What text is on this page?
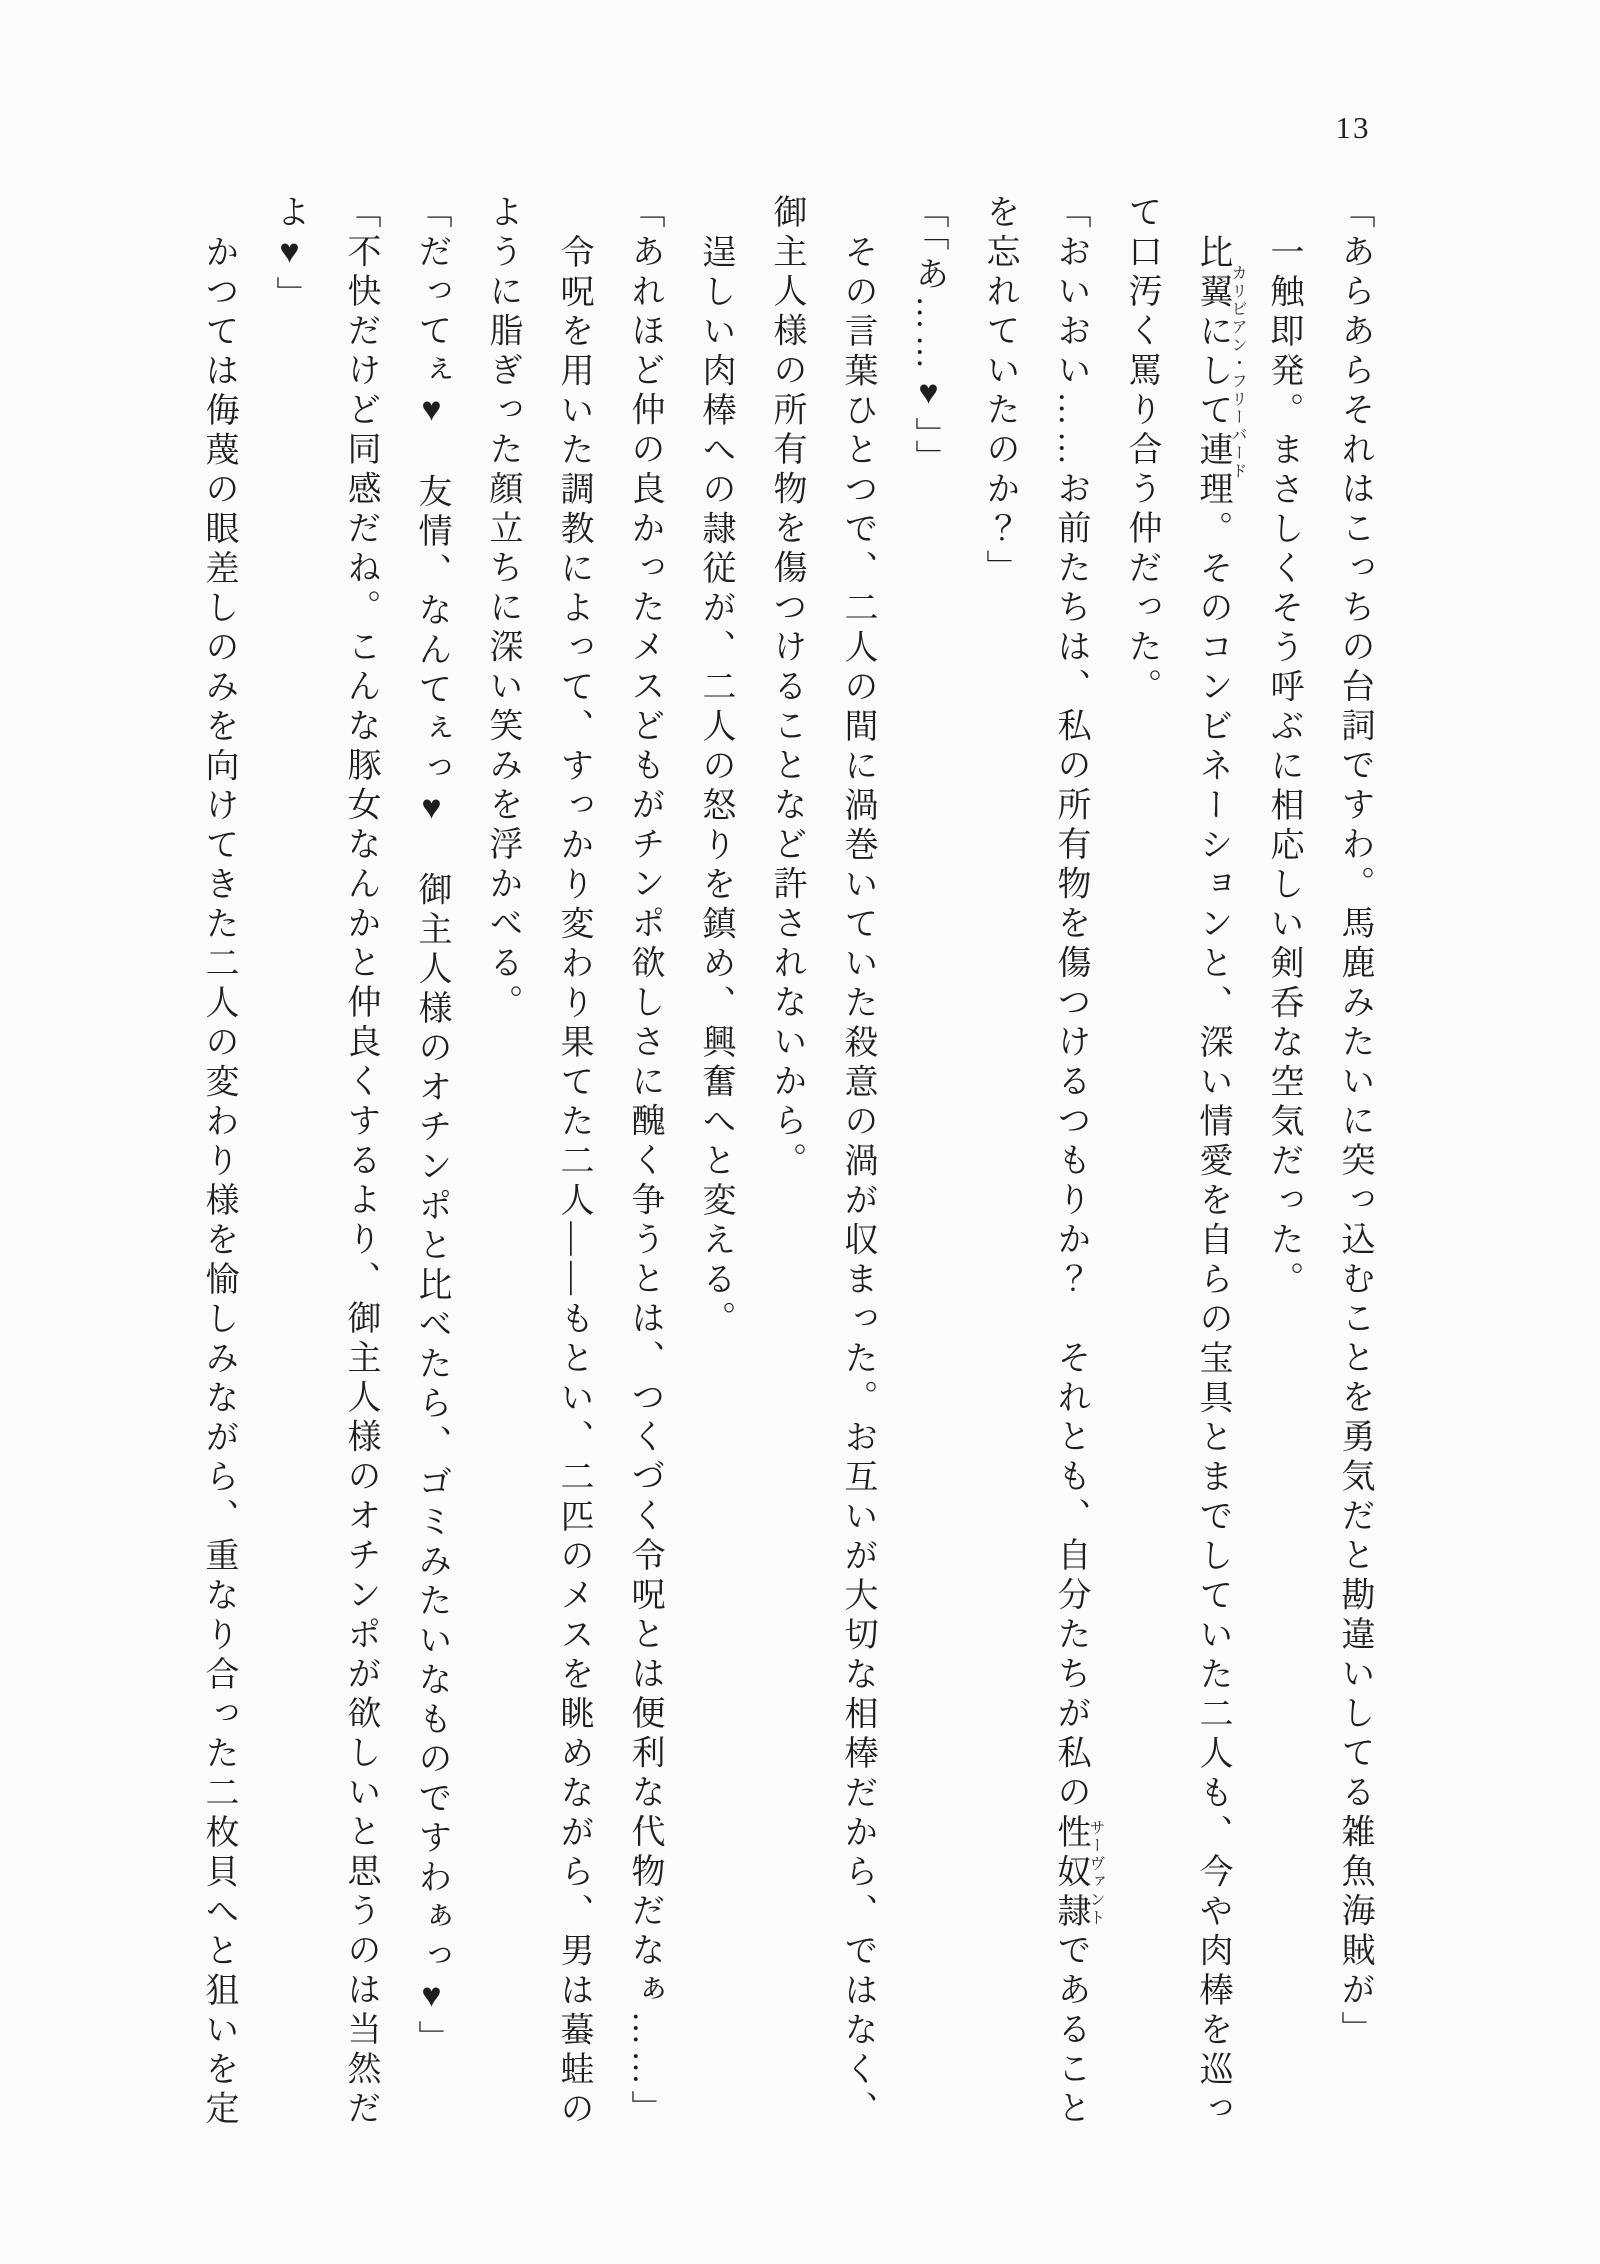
13

「あらあらそれはこっちの台詞ですわ。馬鹿みたいに突っ込むことを勇気だと勘違いしてる雑魚海賊が」

一触即発。まさしくそう呼ぶに相応しい剣呑な空気だった。

比翼にして連理カリビアン・フリーバード。そのコンビネーションと、深い情愛を自らの宝具とまでしていた二人も、今や肉棒を巡って口汚く罵り合う仲だった。

「おいおい……お前たちは、私の所有物を傷つけるつもりか？　それとも、自分たちが私の性奴隷サーヴァントであることを忘れていたのか？」

「「あ……♥」」

その言葉ひとつで、二人の間に渦巻いていた殺意の渦が収まった。お互いが大切な相棒だから、ではなく、御主人様の所有物を傷つけることなど許されないから。

逞しい肉棒への隷従が、二人の怒りを鎮め、興奮へと変える。

「あれほど仲の良かったメスどもがチンポ欲しさに醜く争うとは、つくづく令呪とは便利な代物だなぁ……」

令呪を用いた調教によって、すっかり変わり果てた二人――もとい、二匹のメスを眺めながら、男は蟇蛙のように脂ぎった顔立ちに深い笑みを浮かべる。

「だってぇ♥　友情、なんてぇっ♥　御主人様のオチンポと比べたら、ゴミみたいなものですわぁっ♥」

「不快だけど同感だね。こんな豚女なんかと仲良くするより、御主人様のオチンポが欲しいと思うのは当然だよ♥」

かつては侮蔑の眼差しのみを向けてきた二人の変わり様を愉しみながら、重なり合った二枚貝へと狙いを定
